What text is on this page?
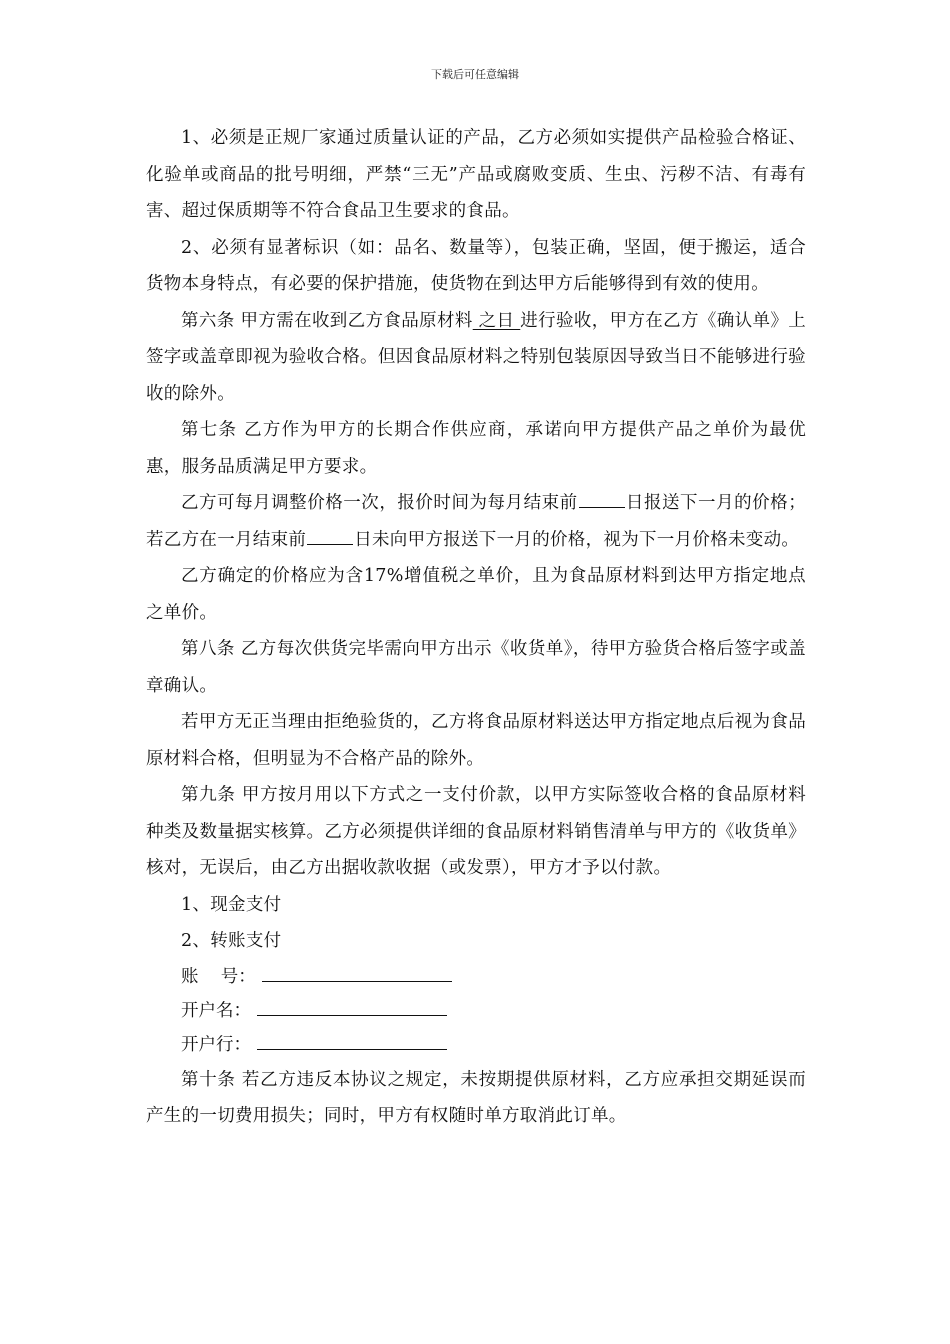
下载后可任意编辑

1、必须是正规厂家通过质量认证的产品，乙方必须如实提供产品检验合格证、化验单或商品的批号明细，严禁“三无”产品或腐败变质、生虫、污秽不洁、有毒有害、超过保质期等不符合食品卫生要求的食品。

2、必须有显著标识（如：品名、数量等），包装正确，坚固，便于搬运，适合货物本身特点，有必要的保护措施，使货物在到达甲方后能够得到有效的使用。

第六条 甲方需在收到乙方食品原材料 之日 进行验收，甲方在乙方《确认单》上签字或盖章即视为验收合格。但因食品原材料之特别包装原因导致当日不能够进行验收的除外。

第七条 乙方作为甲方的长期合作供应商，承诺向甲方提供产品之单价为最优惠，服务品质满足甲方要求。

乙方可每月调整价格一次，报价时间为每月结束前	日报送下一月的价格；若乙方在一月结束前	日未向甲方报送下一月的价格，视为下一月价格未变动。

乙方确定的价格应为含17%增值税之单价，且为食品原材料到达甲方指定地点之单价。

第八条 乙方每次供货完毕需向甲方出示《收货单》，待甲方验货合格后签字或盖章确认。

若甲方无正当理由拒绝验货的，乙方将食品原材料送达甲方指定地点后视为食品原材料合格，但明显为不合格产品的除外。

第九条 甲方按月用以下方式之一支付价款，以甲方实际签收合格的食品原材料种类及数量据实核算。乙方必须提供详细的食品原材料销售清单与甲方的《收货单》核对，无误后，由乙方出据收款收据（或发票），甲方才予以付款。

1、现金支付

2、转账支付

账    号：
开户名：
开户行：

第十条 若乙方违反本协议之规定，未按期提供原材料，乙方应承担交期延误而产生的一切费用损失；同时，甲方有权随时单方取消此订单。
